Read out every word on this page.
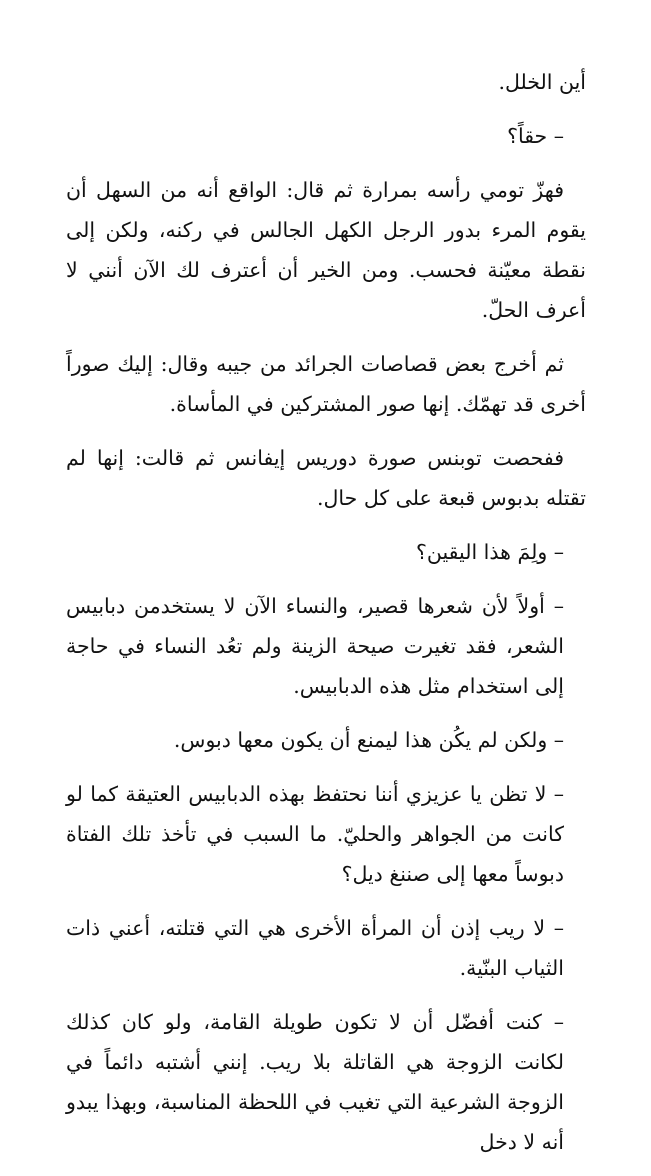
أين الخلل.

– حقاً؟

فهزّ تومي رأسه بمرارة ثم قال: الواقع أنه من السهل أن يقوم المرء بدور الرجل الكهل الجالس في ركنه، ولكن إلى نقطة معيّنة فحسب. ومن الخير أن أعترف لك الآن أنني لا أعرف الحلّ.

ثم أخرج بعض قصاصات الجرائد من جيبه وقال: إليك صوراً أخرى قد تهمّك. إنها صور المشتركين في المأساة.

ففحصت توبنس صورة دوريس إيفانس ثم قالت: إنها لم تقتله بدبوس قبعة على كل حال.

– ولِمَ هذا اليقين؟

– أولاً لأن شعرها قصير، والنساء الآن لا يستخدمن دبابيس الشعر، فقد تغيرت صيحة الزينة ولم تعُد النساء في حاجة إلى استخدام مثل هذه الدبابيس.

– ولكن لم يكُن هذا ليمنع أن يكون معها دبوس.

– لا تظن يا عزيزي أننا نحتفظ بهذه الدبابيس العتيقة كما لو كانت من الجواهر والحليّ. ما السبب في تأخذ تلك الفتاة دبوساً معها إلى صننغ ديل؟

– لا ريب إذن أن المرأة الأخرى هي التي قتلته، أعني ذات الثياب البنّية.

– كنت أفضّل أن لا تكون طويلة القامة، ولو كان كذلك لكانت الزوجة هي القاتلة بلا ريب. إنني أشتبه دائماً في الزوجة الشرعية التي تغيب في اللحظة المناسبة، وبهذا يبدو أنه لا دخل
